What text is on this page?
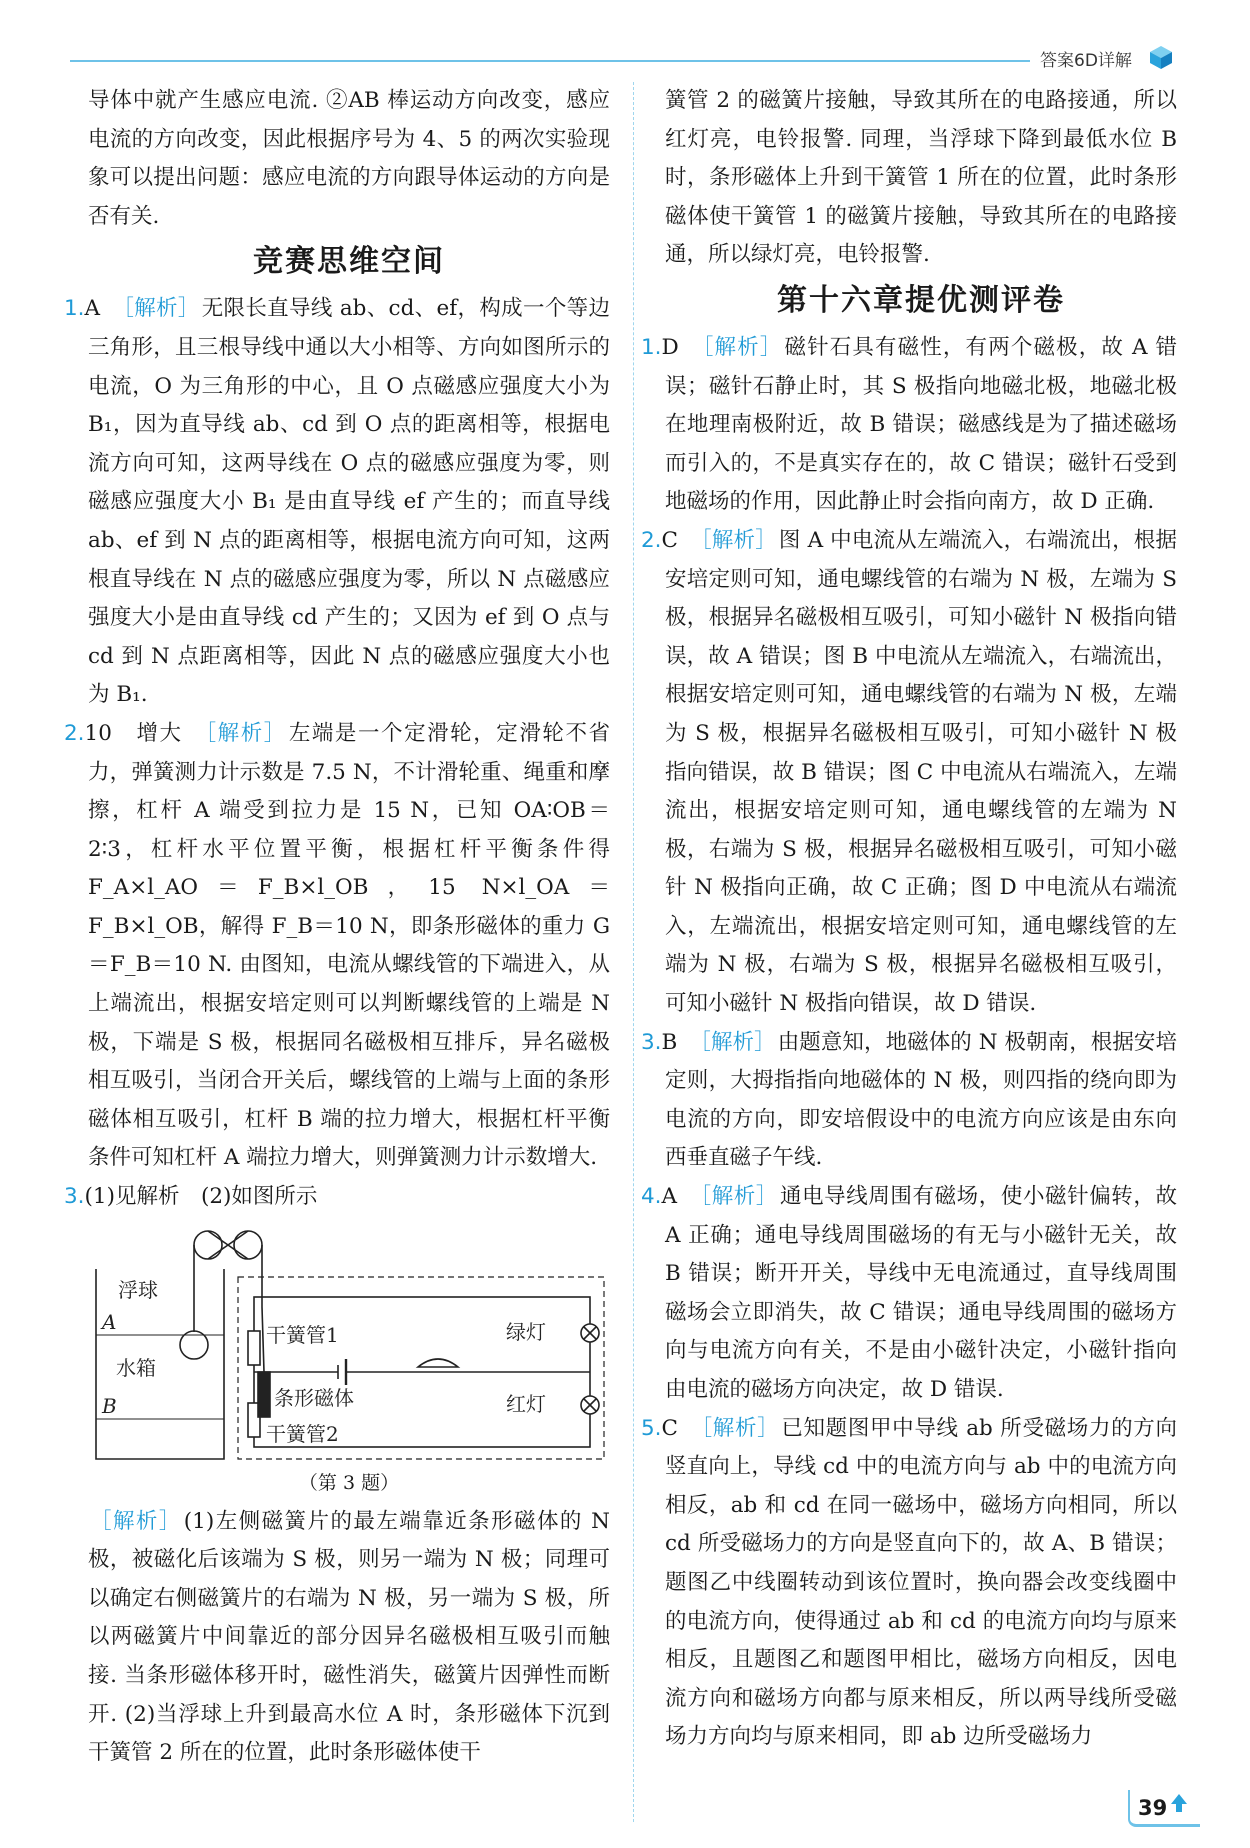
答案6D详解

导体中就产生感应电流. ②AB 棒运动方向改变，感应电流的方向改变，因此根据序号为 4、5 的两次实验现象可以提出问题：感应电流的方向跟导体运动的方向是否有关.

竞赛思维空间

1.A ［解析］无限长直导线 ab、cd、ef，构成一个等边三角形，且三根导线中通以大小相等、方向如图所示的电流，O 为三角形的中心，且 O 点磁感应强度大小为 B₁，因为直导线 ab、cd 到 O 点的距离相等，根据电流方向可知，这两导线在 O 点的磁感应强度为零，则磁感应强度大小 B₁ 是由直导线 ef 产生的；而直导线 ab、ef 到 N 点的距离相等，根据电流方向可知，这两根直导线在 N 点的磁感应强度为零，所以 N 点磁感应强度大小是由直导线 cd 产生的；又因为 ef 到 O 点与 cd 到 N 点距离相等，因此 N 点的磁感应强度大小也为 B₁.

2.10　增大 ［解析］左端是一个定滑轮，定滑轮不省力，弹簧测力计示数是 7.5 N，不计滑轮重、绳重和摩擦，杠杆 A 端受到拉力是 15 N，已知 OA∶OB＝2∶3，杠杆水平位置平衡，根据杠杆平衡条件得 F_A×l_AO＝F_B×l_OB，15 N×l_OA＝F_B×l_OB，解得 F_B＝10 N，即条形磁体的重力 G＝F_B＝10 N. 由图知，电流从螺线管的下端进入，从上端流出，根据安培定则可以判断螺线管的上端是 N 极，下端是 S 极，根据同名磁极相互排斥，异名磁极相互吸引，当闭合开关后，螺线管的上端与上面的条形磁体相互吸引，杠杆 B 端的拉力增大，根据杠杆平衡条件可知杠杆 A 端拉力增大，则弹簧测力计示数增大.

3.(1)见解析　(2)如图所示

浮球
A
水箱
B
干簧管1
条形磁体
干簧管2
绿灯
红灯
（第 3 题）

［解析］(1)左侧磁簧片的最左端靠近条形磁体的 N 极，被磁化后该端为 S 极，则另一端为 N 极；同理可以确定右侧磁簧片的右端为 N 极，另一端为 S 极，所以两磁簧片中间靠近的部分因异名磁极相互吸引而触接. 当条形磁体移开时，磁性消失，磁簧片因弹性而断开. (2)当浮球上升到最高水位 A 时，条形磁体下沉到干簧管 2 所在的位置，此时条形磁体使干

簧管 2 的磁簧片接触，导致其所在的电路接通，所以红灯亮，电铃报警. 同理，当浮球下降到最低水位 B 时，条形磁体上升到干簧管 1 所在的位置，此时条形磁体使干簧管 1 的磁簧片接触，导致其所在的电路接通，所以绿灯亮，电铃报警.

第十六章提优测评卷

1.D ［解析］磁针石具有磁性，有两个磁极，故 A 错误；磁针石静止时，其 S 极指向地磁北极，地磁北极在地理南极附近，故 B 错误；磁感线是为了描述磁场而引入的，不是真实存在的，故 C 错误；磁针石受到地磁场的作用，因此静止时会指向南方，故 D 正确.

2.C ［解析］图 A 中电流从左端流入，右端流出，根据安培定则可知，通电螺线管的右端为 N 极，左端为 S 极，根据异名磁极相互吸引，可知小磁针 N 极指向错误，故 A 错误；图 B 中电流从左端流入，右端流出，根据安培定则可知，通电螺线管的右端为 N 极，左端为 S 极，根据异名磁极相互吸引，可知小磁针 N 极指向错误，故 B 错误；图 C 中电流从右端流入，左端流出，根据安培定则可知，通电螺线管的左端为 N 极，右端为 S 极，根据异名磁极相互吸引，可知小磁针 N 极指向正确，故 C 正确；图 D 中电流从右端流入，左端流出，根据安培定则可知，通电螺线管的左端为 N 极，右端为 S 极，根据异名磁极相互吸引，可知小磁针 N 极指向错误，故 D 错误.

3.B ［解析］由题意知，地磁体的 N 极朝南，根据安培定则，大拇指指向地磁体的 N 极，则四指的绕向即为电流的方向，即安培假设中的电流方向应该是由东向西垂直磁子午线.

4.A ［解析］通电导线周围有磁场，使小磁针偏转，故 A 正确；通电导线周围磁场的有无与小磁针无关，故 B 错误；断开开关，导线中无电流通过，直导线周围磁场会立即消失，故 C 错误；通电导线周围的磁场方向与电流方向有关，不是由小磁针决定，小磁针指向由电流的磁场方向决定，故 D 错误.

5.C ［解析］已知题图甲中导线 ab 所受磁场力的方向竖直向上，导线 cd 中的电流方向与 ab 中的电流方向相反，ab 和 cd 在同一磁场中，磁场方向相同，所以 cd 所受磁场力的方向是竖直向下的，故 A、B 错误；题图乙中线圈转动到该位置时，换向器会改变线圈中的电流方向，使得通过 ab 和 cd 的电流方向均与原来相反，且题图乙和题图甲相比，磁场方向相反，因电流方向和磁场方向都与原来相反，所以两导线所受磁场力方向均与原来相同，即 ab 边所受磁场力

39
